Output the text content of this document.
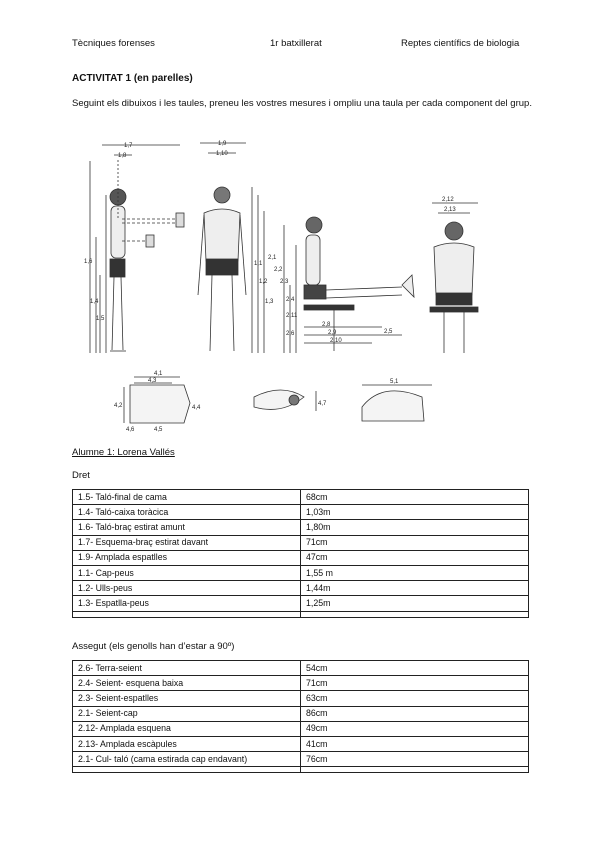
Tècniques forenses	1r batxillerat	Reptes científics de biologia
ACTIVITAT 1 (en parelles)
Seguint els dibuixos i les taules, preneu les vostres mesures i ompliu una taula per cada component del grup.
1,7
1,8
1,9
1,10
1,6
1,4
1,5
1,1
1,2
1,3
2,2
2,3
2,4
2,11
2,1
2,6
2,8
2,9
2,10
2,5
2,12
2,13
4,1
4,3
4,2	4,4
4,5
4,6
4,7
5,1
Alumne 1: Lorena Vallés
Dret
1.5- Taló-final de cama	68cm
1.4- Taló-caixa toràcica	1,03m
1.6- Taló-braç estirat amunt	1,80m
1.7- Esquema-braç estirat davant	71cm
1.9- Amplada espatlles	47cm
1.1- Cap-peus	1,55 m
1.2- Ulls-peus	1,44m
1.3- Espatlla-peus	1,25m

Assegut (els genolls han d’estar a 90º)
2.6- Terra-seient	54cm
2.4- Seient- esquena baixa	71cm
2.3- Seient-espatlles	63cm
2.1- Seient-cap	86cm
2.12- Amplada esquena	49cm
2.13- Amplada escàpules	41cm
2.1- Cul- taló (cama estirada cap endavant)	76cm
